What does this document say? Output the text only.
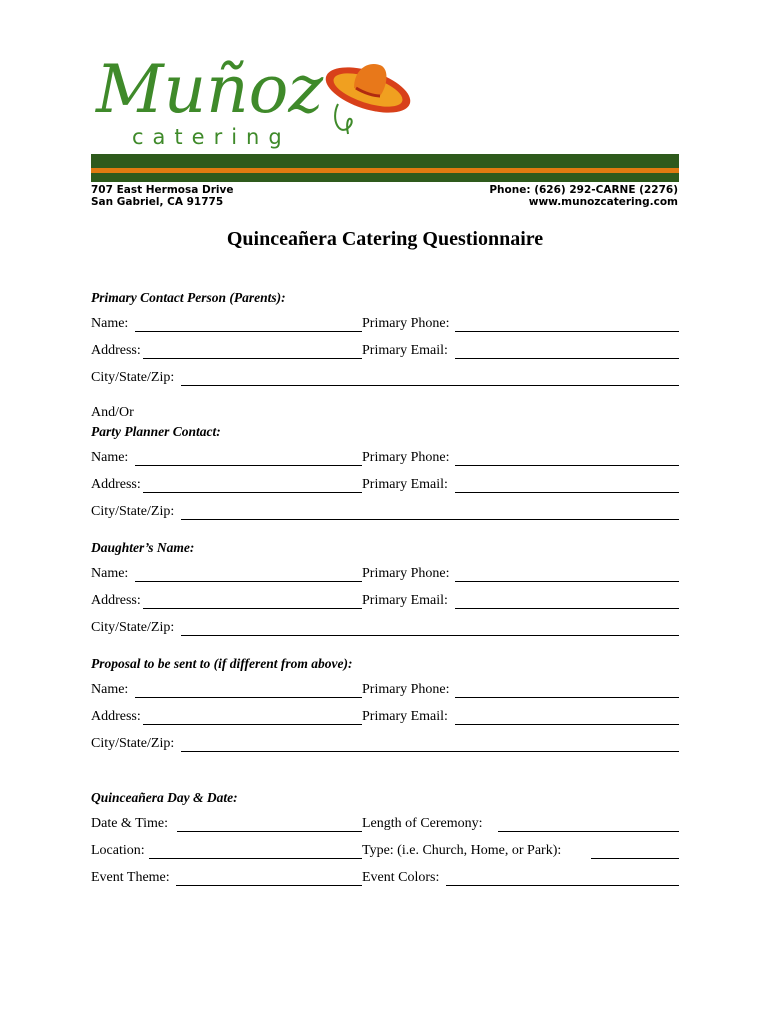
Muñoz
catering
707 East Hermosa Drive
San Gabriel, CA 91775
Phone: (626) 292-CARNE (2276)
www.munozcatering.com
Quinceañera Catering Questionnaire
Primary Contact Person (Parents):
Name:	Primary Phone:
Address:	Primary Email:
City/State/Zip:
And/Or
Party Planner Contact:
Name:	Primary Phone:
Address:	Primary Email:
City/State/Zip:
Daughter’s Name:
Name:	Primary Phone:
Address:	Primary Email:
City/State/Zip:
Proposal to be sent to (if different from above):
Name:	Primary Phone:
Address:	Primary Email:
City/State/Zip:
Quinceañera Day & Date:
Date & Time:	Length of Ceremony:
Location:	Type: (i.e. Church, Home, or Park):
Event Theme:	Event Colors:
